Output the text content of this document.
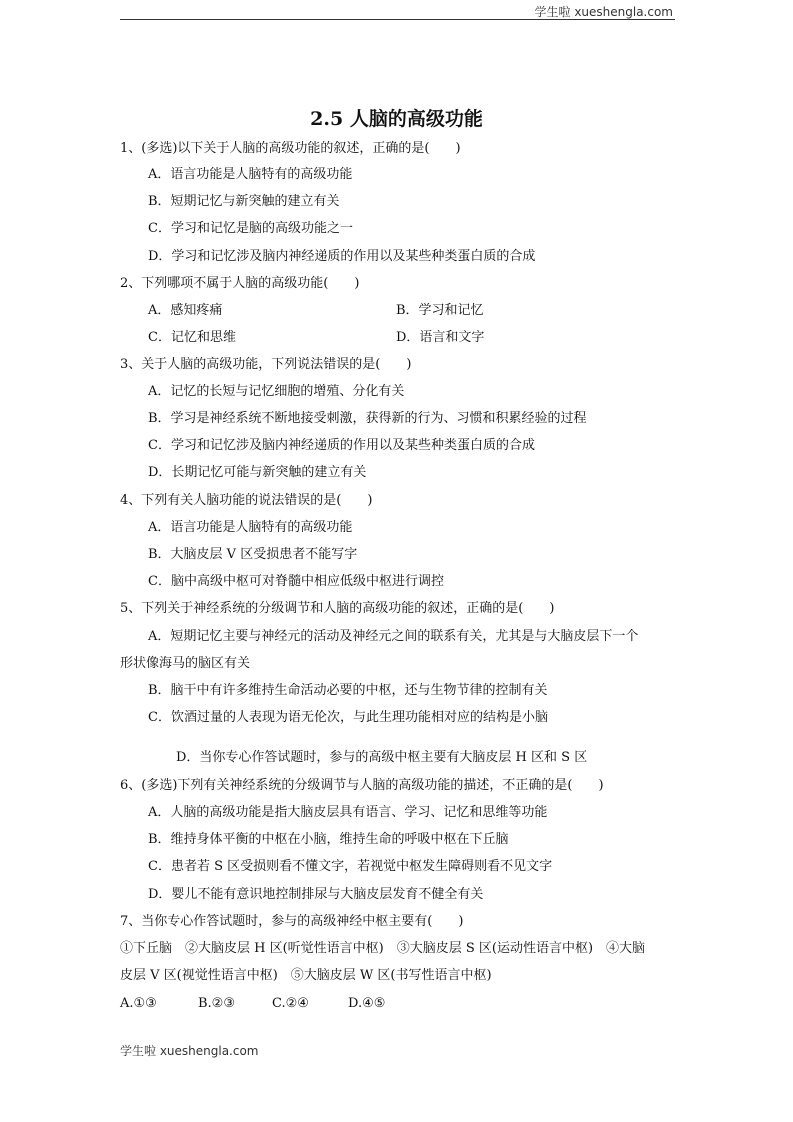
学生啦 xueshengla.com
2.5 人脑的高级功能
1、(多选)以下关于人脑的高级功能的叙述，正确的是(　　)
A．语言功能是人脑特有的高级功能
B．短期记忆与新突触的建立有关
C．学习和记忆是脑的高级功能之一
D．学习和记忆涉及脑内神经递质的作用以及某些种类蛋白质的合成
2、下列哪项不属于人脑的高级功能(　　)
A．感知疼痛	B．学习和记忆
C．记忆和思维	D．语言和文字
3、关于人脑的高级功能，下列说法错误的是(　　)
A．记忆的长短与记忆细胞的增殖、分化有关
B．学习是神经系统不断地接受刺激，获得新的行为、习惯和积累经验的过程
C．学习和记忆涉及脑内神经递质的作用以及某些种类蛋白质的合成
D．长期记忆可能与新突触的建立有关
4、下列有关人脑功能的说法错误的是(　　)
A．语言功能是人脑特有的高级功能
B．大脑皮层 V 区受损患者不能写字
C．脑中高级中枢可对脊髓中相应低级中枢进行调控
5、下列关于神经系统的分级调节和人脑的高级功能的叙述，正确的是(　　)
A．短期记忆主要与神经元的活动及神经元之间的联系有关，尤其是与大脑皮层下一个
形状像海马的脑区有关
B．脑干中有许多维持生命活动必要的中枢，还与生物节律的控制有关
C．饮酒过量的人表现为语无伦次，与此生理功能相对应的结构是小脑
D．当你专心作答试题时，参与的高级中枢主要有大脑皮层 H 区和 S 区
6、(多选)下列有关神经系统的分级调节与人脑的高级功能的描述，不正确的是(　　)
A．人脑的高级功能是指大脑皮层具有语言、学习、记忆和思维等功能
B．维持身体平衡的中枢在小脑，维持生命的呼吸中枢在下丘脑
C．患者若 S 区受损则看不懂文字，若视觉中枢发生障碍则看不见文字
D．婴儿不能有意识地控制排尿与大脑皮层发育不健全有关
7、当你专心作答试题时，参与的高级神经中枢主要有(　　)
①下丘脑　②大脑皮层 H 区(听觉性语言中枢)　③大脑皮层 S 区(运动性语言中枢)　④大脑
皮层 V 区(视觉性语言中枢)　⑤大脑皮层 W 区(书写性语言中枢)
A.①③	B.②③	C.②④	D.④⑤
学生啦 xueshengla.com
